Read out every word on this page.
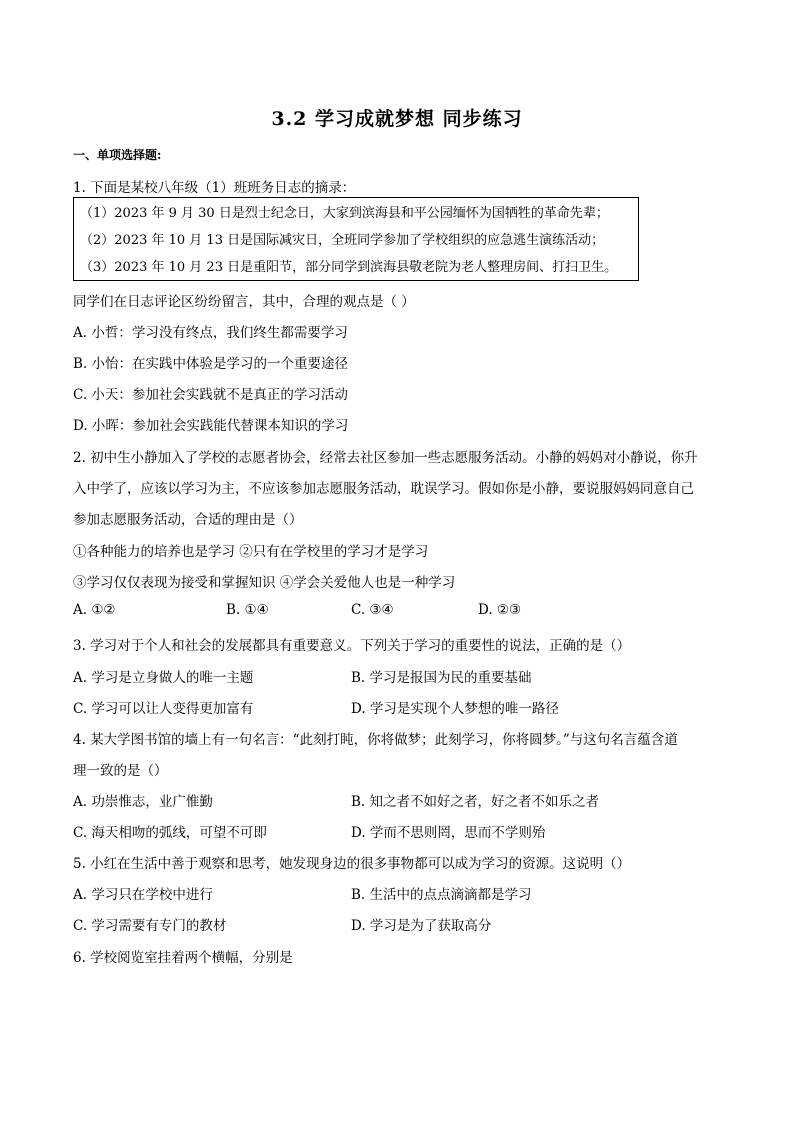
3.2 学习成就梦想 同步练习
一、单项选择题:
1. 下面是某校八年级（1）班班务日志的摘录：
（1）2023 年 9 月 30 日是烈士纪念日，大家到滨海县和平公园缅怀为国牺牲的革命先辈；
（2）2023 年 10 月 13 日是国际减灾日，全班同学参加了学校组织的应急逃生演练活动；
（3）2023 年 10 月 23 日是重阳节，部分同学到滨海县敬老院为老人整理房间、打扫卫生。
同学们在日志评论区纷纷留言，其中，合理的观点是（ ）
A. 小哲：学习没有终点，我们终生都需要学习
B. 小怡：在实践中体验是学习的一个重要途径
C. 小天：参加社会实践就不是真正的学习活动
D. 小晖：参加社会实践能代替课本知识的学习
2. 初中生小静加入了学校的志愿者协会，经常去社区参加一些志愿服务活动。小静的妈妈对小静说，你升
入中学了，应该以学习为主，不应该参加志愿服务活动，耽误学习。假如你是小静，要说服妈妈同意自己
参加志愿服务活动，合适的理由是（）
①各种能力的培养也是学习 ②只有在学校里的学习才是学习
③学习仅仅表现为接受和掌握知识 ④学会关爱他人也是一种学习
A. ①②	B. ①④	C. ③④	D. ②③
3. 学习对于个人和社会的发展都具有重要意义。下列关于学习的重要性的说法，正确的是（）
A. 学习是立身做人的唯一主题	B. 学习是报国为民的重要基础
C. 学习可以让人变得更加富有	D. 学习是实现个人梦想的唯一路径
4. 某大学图书馆的墙上有一句名言：“此刻打盹，你将做梦；此刻学习，你将圆梦。”与这句名言蕴含道
理一致的是（）
A. 功崇惟志，业广惟勤	B. 知之者不如好之者，好之者不如乐之者
C. 海天相吻的弧线，可望不可即	D. 学而不思则罔，思而不学则殆
5. 小红在生活中善于观察和思考，她发现身边的很多事物都可以成为学习的资源。这说明（）
A. 学习只在学校中进行	B. 生活中的点点滴滴都是学习
C. 学习需要有专门的教材	D. 学习是为了获取高分
6. 学校阅览室挂着两个横幅，分别是
